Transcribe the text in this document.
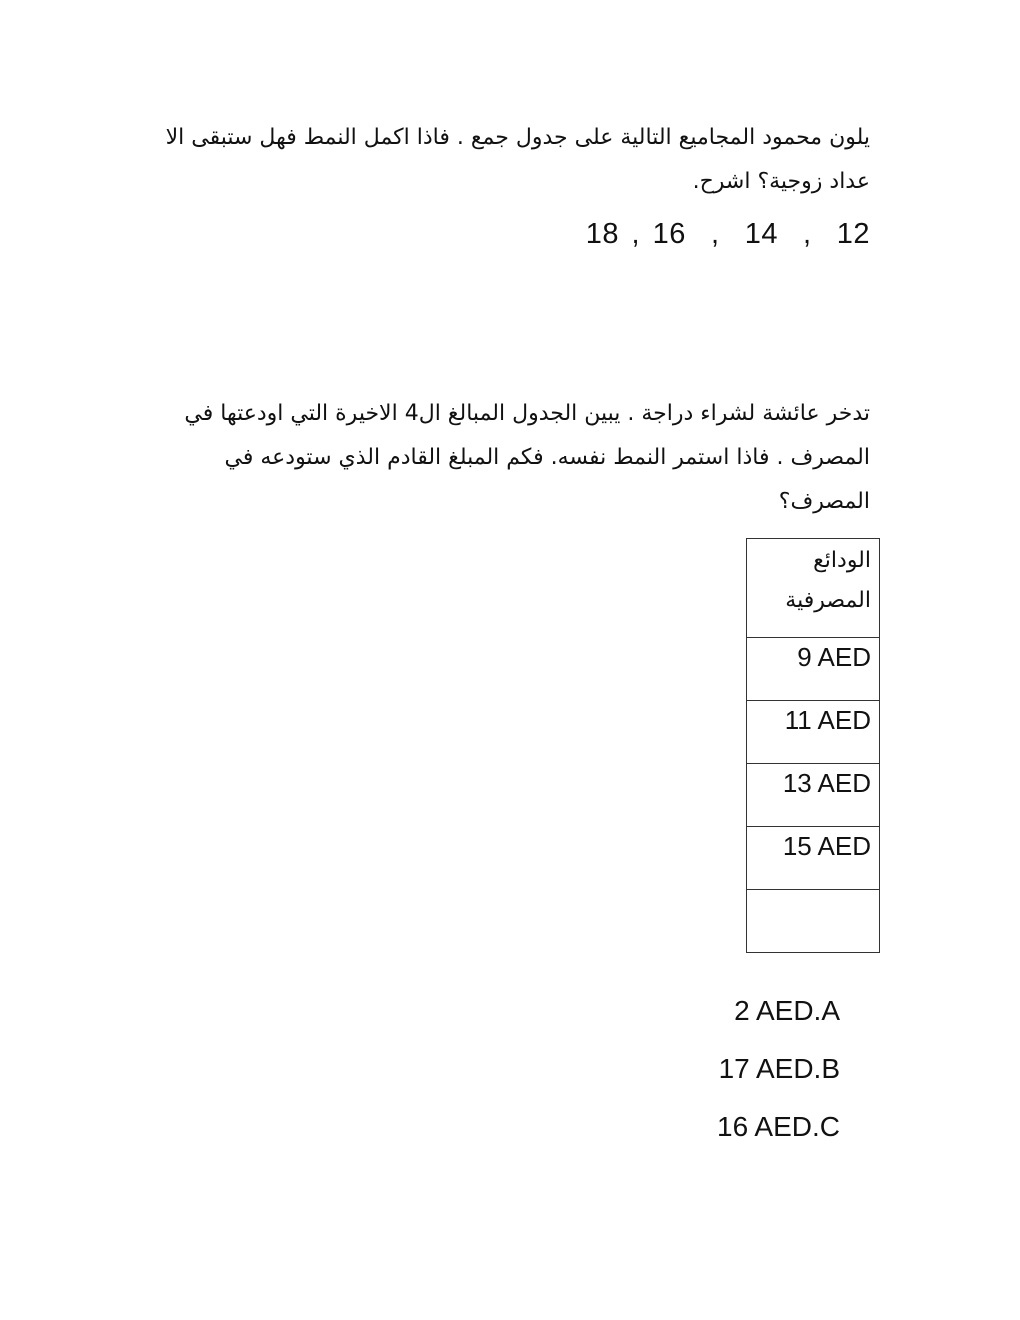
يلون محمود المجاميع التالية على جدول جمع . فاذا اكمل النمط فهل ستبقى الا

عداد زوجية؟ اشرح.

18 , 16  ,  14  ,  12

تدخر عائشة لشراء دراجة . يبين الجدول المبالغ ال4 الاخيرة التي اودعتها في

المصرف . فاذا استمر النمط نفسه. فكم المبلغ القادم الذي ستودعه في

المصرف؟

الودائع
المصرفية

9 AED
11 AED
13 AED
15 AED

2 AED.A
17 AED.B
16 AED.C
